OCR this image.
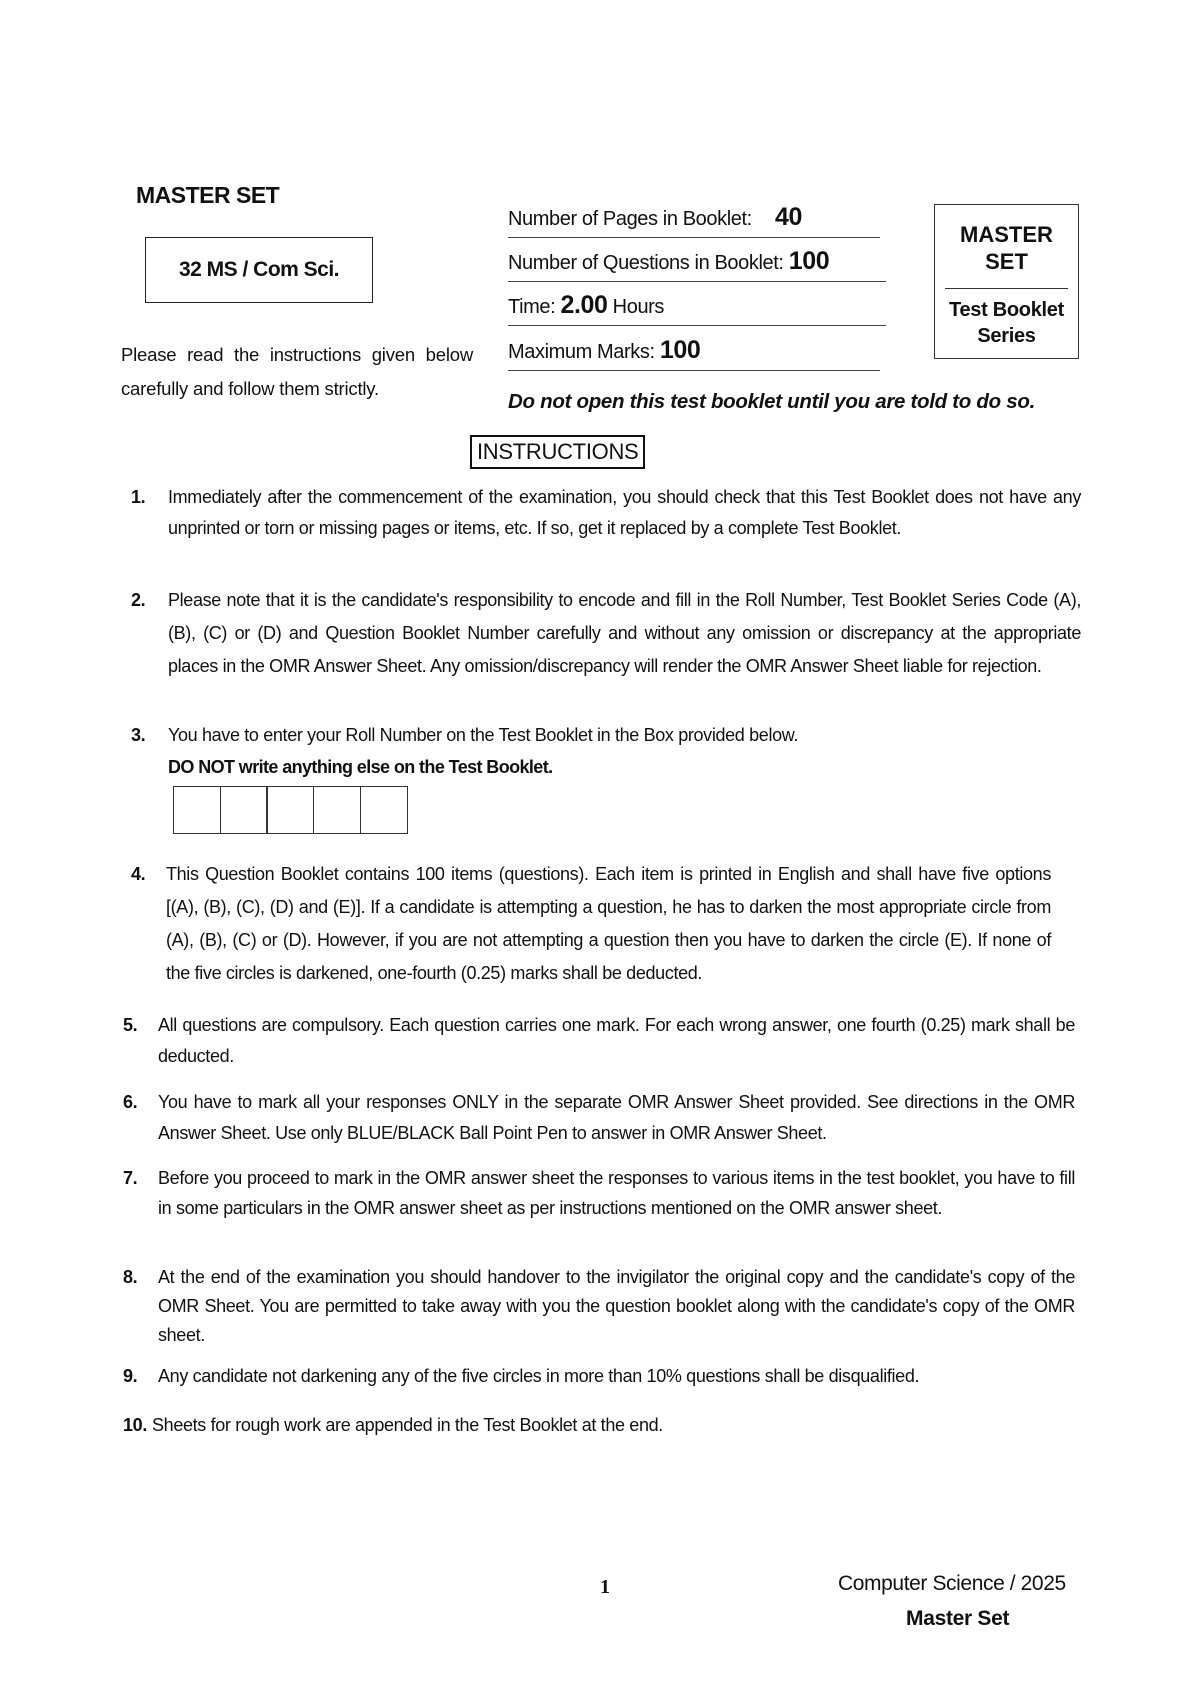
MASTER SET
32 MS / Com Sci.
Please read the instructions given below carefully and follow them strictly.
Number of Pages in Booklet: 40
Number of Questions in Booklet: 100
Time: 2.00 Hours
Maximum Marks: 100
MASTER
SET
Test Booklet
Series
Do not open this test booklet until you are told to do so.
INSTRUCTIONS
1.	Immediately after the commencement of the examination, you should check that this Test Booklet does not have any unprinted or torn or missing pages or items, etc. If so, get it replaced by a complete Test Booklet.
2.	Please note that it is the candidate's responsibility to encode and fill in the Roll Number, Test Booklet Series Code (A), (B), (C) or (D) and Question Booklet Number carefully and without any omission or discrepancy at the appropriate places in the OMR Answer Sheet. Any omission/discrepancy will render the OMR Answer Sheet liable for rejection.
3.	You have to enter your Roll Number on the Test Booklet in the Box provided below.
DO NOT write anything else on the Test Booklet.
4.	This Question Booklet contains 100 items (questions). Each item is printed in English and shall have five options [(A), (B), (C), (D) and (E)]. If a candidate is attempting a question, he has to darken the most appropriate circle from (A), (B), (C) or (D). However, if you are not attempting a question then you have to darken the circle (E). If none of the five circles is darkened, one-fourth (0.25) marks shall be deducted.
5.	All questions are compulsory. Each question carries one mark. For each wrong answer, one fourth (0.25) mark shall be deducted.
6.	You have to mark all your responses ONLY in the separate OMR Answer Sheet provided. See directions in the OMR Answer Sheet. Use only BLUE/BLACK Ball Point Pen to answer in OMR Answer Sheet.
7.	Before you proceed to mark in the OMR answer sheet the responses to various items in the test booklet, you have to fill in some particulars in the OMR answer sheet as per instructions mentioned on the OMR answer sheet.
8.	At the end of the examination you should handover to the invigilator the original copy and the candidate's copy of the OMR Sheet. You are permitted to take away with you the question booklet along with the candidate's copy of the OMR sheet.
9.	Any candidate not darkening any of the five circles in more than 10% questions shall be disqualified.
10. Sheets for rough work are appended in the Test Booklet at the end.
1	Computer Science / 2025
Master Set
